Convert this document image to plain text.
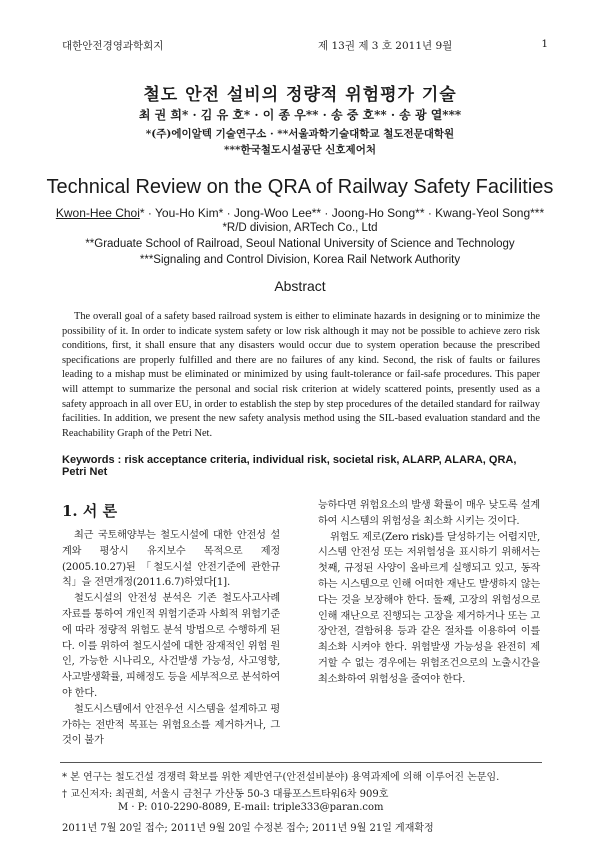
대한안전경영과학회지	제 13권 제 3 호 2011년 9월	1
철도 안전 설비의 정량적 위험평가 기술
최 권 희* · 김 유 호* · 이 종 우** · 송 중 호** · 송 광 열***
*(주)에이알텍 기술연구소 · **서울과학기술대학교 철도전문대학원
***한국철도시설공단 신호제어처
Technical Review on the QRA of Railway Safety Facilities
Kwon-Hee Choi* · You-Ho Kim* · Jong-Woo Lee** · Joong-Ho Song** · Kwang-Yeol Song***
*R/D division, ARTech Co., Ltd
**Graduate School of Railroad, Seoul National University of Science and Technology
***Signaling and Control Division, Korea Rail Network Authority
Abstract
The overall goal of a safety based railroad system is either to eliminate hazards in designing or to minimize the possibility of it. In order to indicate system safety or low risk although it may not be possible to achieve zero risk conditions, first, it shall ensure that any disasters would occur due to system operation because the prescribed specifications are properly fulfilled and there are no failures of any kind. Second, the risk of faults or failures leading to a mishap must be eliminated or minimized by using fault-tolerance or fail-safe procedures. This paper will attempt to summarize the personal and social risk criterion at widely scattered points, presently used as a safety approach in all over EU, in order to establish the step by step procedures of the detailed standard for railway facilities. In addition, we present the new safety analysis method using the SIL-based evaluation standard and the Reachability Graph of the Petri Net.
Keywords : risk acceptance criteria, individual risk, societal risk, ALARP, ALARA, QRA, Petri Net
1. 서 론

최근 국토해양부는 철도시설에 대한 안전성 설계와 평상시 유지보수 목적으로 제정(2005.10.27)된 「철도시설 안전기준에 관한규칙」을 전면개정(2011.6.7)하였다[1].

철도시설의 안전성 분석은 기존 철도사고사례 자료를 통하여 개인적 위험기준과 사회적 위험기준에 따라 정량적 위험도 분석 방법으로 수행하게 된다. 이를 위하여 철도시설에 대한 잠재적인 위험 원인, 가능한 시나리오, 사건발생 가능성, 사고영향, 사고발생확률, 피해정도 등을 세부적으로 분석하여야 한다.

철도시스템에서 안전우선 시스템을 설계하고 평가하는 전반적 목표는 위험요소를 제거하거나, 그것이 불가

능하다면 위험요소의 발생 확률이 매우 낮도록 설계하여 시스템의 위험성을 최소화 시키는 것이다.

위험도 제로(Zero risk)를 달성하기는 어렵지만, 시스템 안전성 또는 저위험성을 표시하기 위해서는 첫째, 규정된 사양이 올바르게 실행되고 있고, 동작하는 시스템으로 인해 어떠한 재난도 발생하지 않는다는 것을 보장해야 한다. 둘째, 고장의 위험성으로 인해 재난으로 진행되는 고장을 제거하거나 또는 고장안전, 결함허용 등과 같은 절차를 이용하여 이를 최소화 시켜야 한다. 위험발생 가능성을 완전히 제거할 수 없는 경우에는 위험조건으로의 노출시간을 최소화하여 위험성을 줄여야 한다.

* 본 연구는 철도건설 경쟁력 확보를 위한 제반연구(안전설비분야) 용역과제에 의해 이루어진 논문임.
† 교신저자: 최권희, 서울시 금천구 가산동 50-3 대륭포스트타워6차 909호
M · P: 010-2290-8089, E-mail: triple333@paran.com
2011년 7월 20일 접수; 2011년 9월 20일 수정본 접수; 2011년 9월 21일 게재확정
